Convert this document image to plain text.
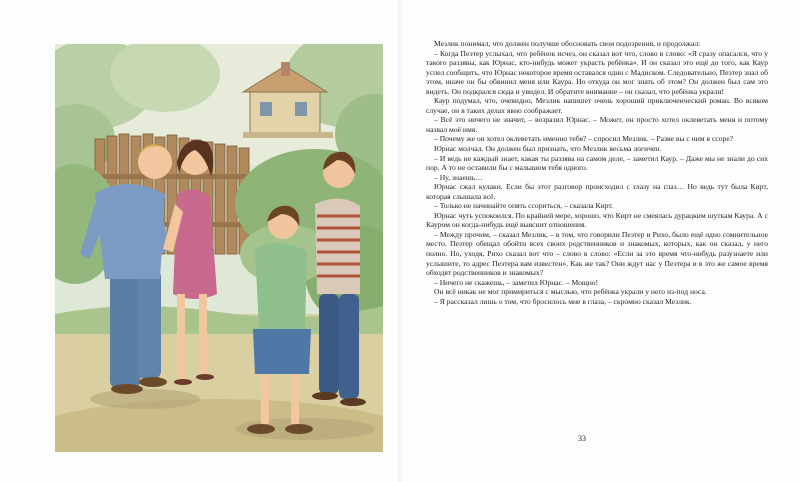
Мезлик понимал, что должен получше обосновать свои подозрения, и продолжал:

– Когда Пеэтер услыхал, что ребёнок исчез, он сказал вот что, слово в слово: «Я сразу опасался, что у такого раззявы, как Юрнас, кто-нибудь может украсть ребёнка». И он сказал это ещё до того, как Каур успел сообщить, что Юрнас некоторое время оставался один с Мадиском. Следовательно, Пеэтер знал об этом, иначе он бы обвинил меня или Каура. Но откуда он мог знать об этом? Он должен был сам это видеть. Он подкрался сюда и увидел. И обратите внимание – он сказал, что ребёнка украли!

Каур подумал, что, очевидно, Мезлик напишет очень хороший приключенческий роман. Во всяком случае, он в таких делах явно соображает.

– Всё это ничего не значит, – возразил Юрнас. – Может, он просто хотел оклеветать меня и потому назвал моё имя.

– Почему же он хотел оклеветать именно тебя? – спросил Мезлик. – Разве вы с ним в ссоре?

Юрнас молчал. Он должен был признать, что Мезлик весьма логичен.

– И ведь не каждый знает, какая ты раззява на самом деле, – заметил Каур. – Даже мы не знали до сих пор. А то не оставили бы с малышом тебя одного.

– Ну, знаешь…

Юрнас сжал кулаки. Если бы этот разговор происходил с глазу на глаз… Но ведь тут была Кирт, которая слышала всё.

– Только не начинайте опять ссориться, – сказала Кирт.

Юрнас чуть успокоился. По крайней мере, хорошо, что Кирт не смеялась дурацким шуткам Каура. А с Кауром он когда-нибудь ещё выяснит отношения.

– Между прочим, – сказал Мезлик, – в том, что говорили Пеэтер и Рихо, было ещё одно сомнительное место. Пеэтер обещал обойти всех своих родственников и знакомых, которых, как он сказал, у него полно. Но, уходя, Рихо сказал вот что – слово в слово: «Если за это время что-нибудь разузнаете или услышите, то адрес Пеэтера вам известен». Как же так? Они ждут нас у Пеэтера и в это же самое время обходят родственников и знакомых?

– Ничего не скажешь, – заметил Юрнас. – Мощно!

Он всё никак не мог примириться с мыслью, что ребёнка украли у него из-под носа.

– Я рассказал лишь о том, что бросилось мне в глаза, – скромно сказал Мезлик.

33
